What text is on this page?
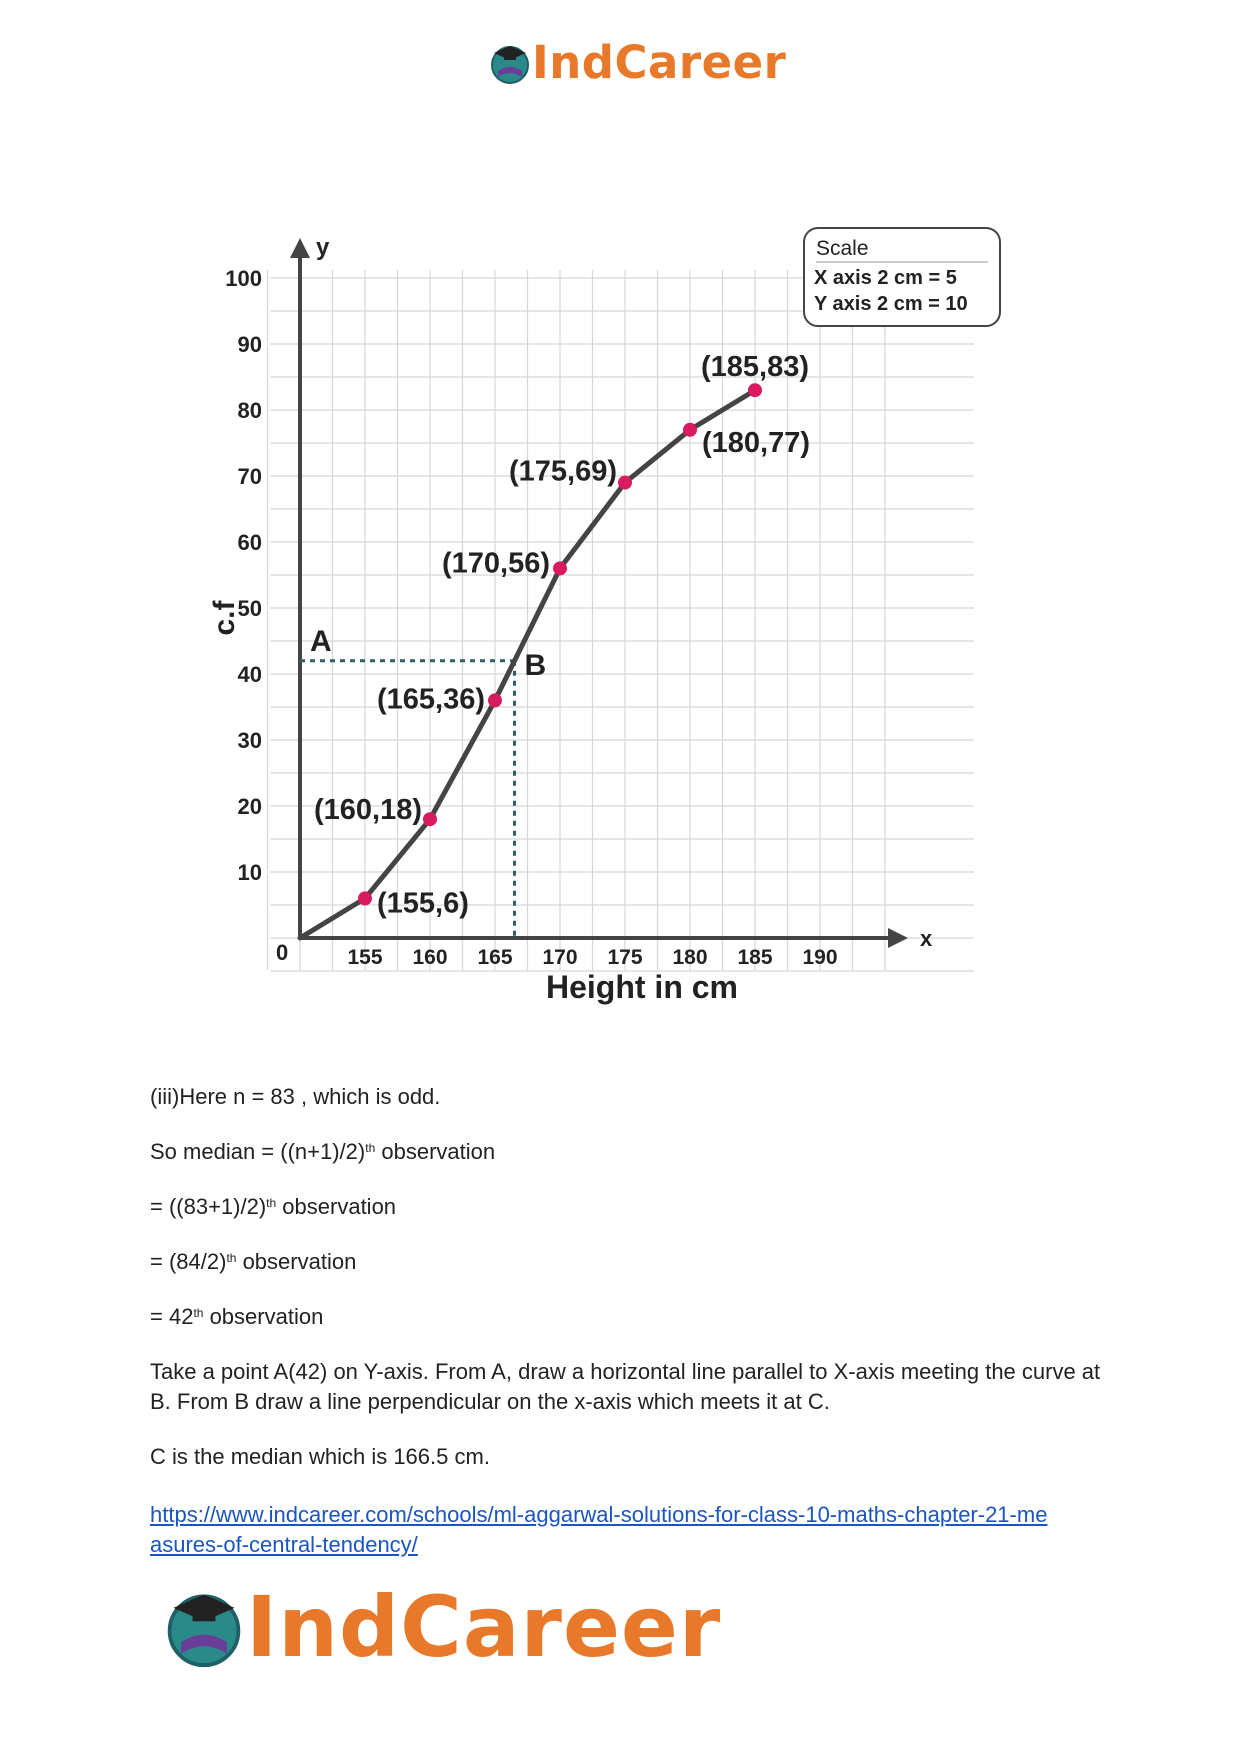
IndCareer
x
y
0	155 160 165 170 175 180 185 190
10
20
30
40
50
60
70
80
90
100
A
B
(155,6)
(160,18)
(165,36)
(170,56)
(175,69)
(180,77)
(185,83)
Height in cm
c.f
Scale
X axis 2 cm = 5
Y axis 2 cm = 10
(iii)Here n = 83 , which is odd.
So median = $((n+1)/2)^{th}$ observation
= $((83+1)/2)^{th}$ observation
= $(84/2)^{th}$ observation
= 42th observation
Take a point A(42) on Y-axis. From A, draw a horizontal line parallel to X-axis meeting the curve at B. From B draw a line perpendicular on the x-axis which meets it at C.
C is the median which is 166.5 cm.
https://www.indcareer.com/schools/ml-aggarwal-solutions-for-class-10-maths-chapter-21-me
asures-of-central-tendency/
IndCareer
